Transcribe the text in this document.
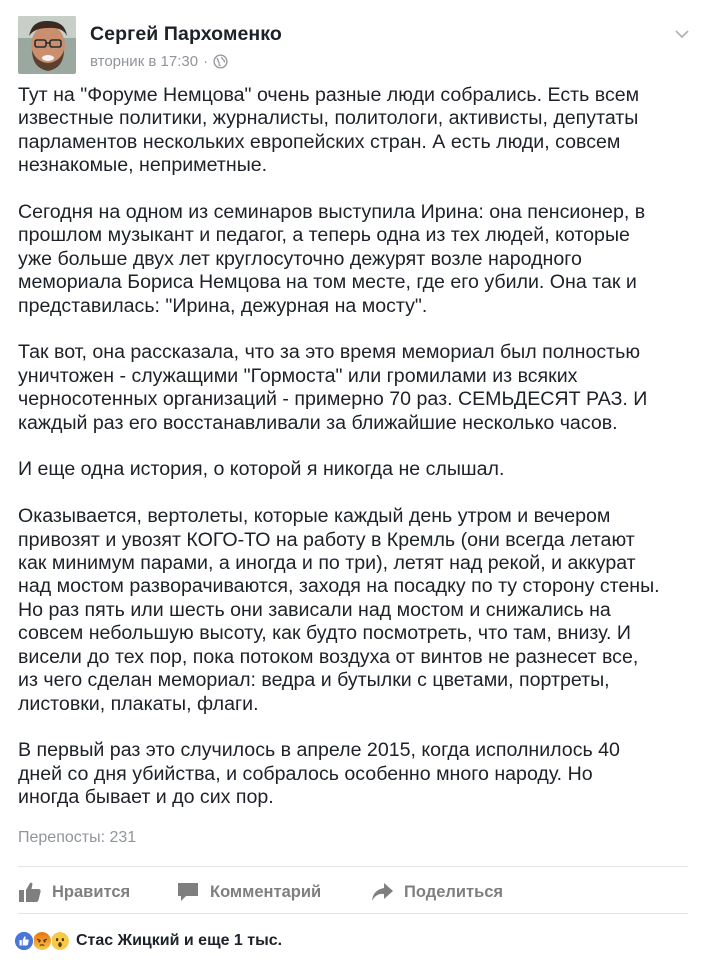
Сергей Пархоменко
вторник в 17:30 ·

Тут на "Форуме Немцова" очень разные люди собрались. Есть всем
известные политики, журналисты, политологи, активисты, депутаты
парламентов нескольких европейских стран. А есть люди, совсем
незнакомые, неприметные.

Сегодня на одном из семинаров выступила Ирина: она пенсионер, в
прошлом музыкант и педагог, а теперь одна из тех людей, которые
уже больше двух лет круглосуточно дежурят возле народного
мемориала Бориса Немцова на том месте, где его убили. Она так и
представилась: "Ирина, дежурная на мосту".

Так вот, она рассказала, что за это время мемориал был полностью
уничтожен - служащими "Гормоста" или громилами из всяких
черносотенных организаций - примерно 70 раз. СЕМЬДЕСЯТ РАЗ. И
каждый раз его восстанавливали за ближайшие несколько часов.

И еще одна история, о которой я никогда не слышал.

Оказывается, вертолеты, которые каждый день утром и вечером
привозят и увозят КОГО-ТО на работу в Кремль (они всегда летают
как минимум парами, а иногда и по три), летят над рекой, и аккурат
над мостом разворачиваются, заходя на посадку по ту сторону стены.
Но раз пять или шесть они зависали над мостом и снижались на
совсем небольшую высоту, как будто посмотреть, что там, внизу. И
висели до тех пор, пока потоком воздуха от винтов не разнесет все,
из чего сделан мемориал: ведра и бутылки с цветами, портреты,
листовки, плакаты, флаги.

В первый раз это случилось в апреле 2015, когда исполнилось 40
дней со дня убийства, и собралось особенно много народу. Но
иногда бывает и до сих пор.

Перепосты: 231
Нравится	Комментарий	Поделиться
Стас Жицкий и еще 1 тыс.
